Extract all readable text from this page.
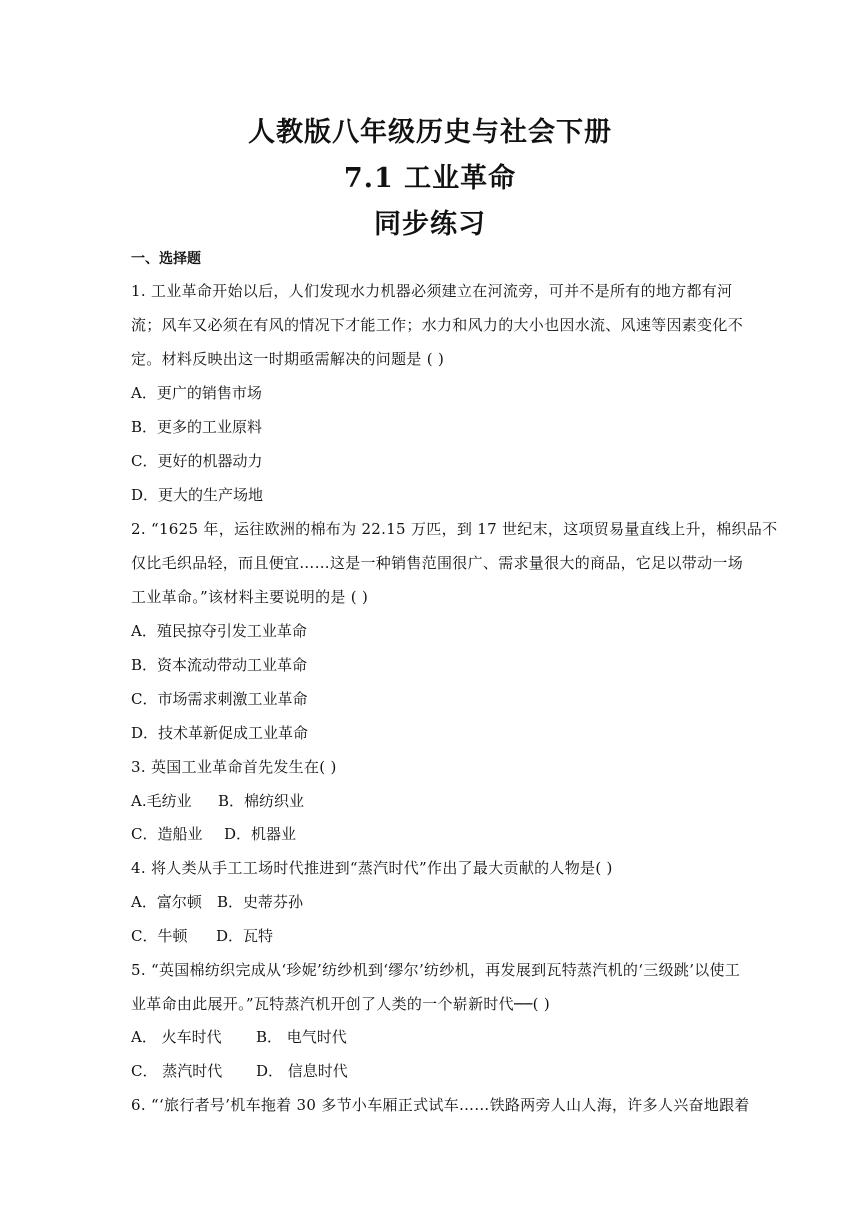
人教版八年级历史与社会下册
7.1 工业革命
同步练习
一、选择题
1. 工业革命开始以后，人们发现水力机器必须建立在河流旁，可并不是所有的地方都有河
流；风车又必须在有风的情况下才能工作；水力和风力的大小也因水流、风速等因素变化不
定。材料反映出这一时期亟需解决的问题是 ( )
A．更广的销售市场
B．更多的工业原料
C．更好的机器动力
D．更大的生产场地
2. “1625 年，运往欧洲的棉布为 22.15 万匹，到 17 世纪末，这项贸易量直线上升，棉织品不
仅比毛织品轻，而且便宜……这是一种销售范围很广、需求量很大的商品，它足以带动一场
工业革命。”该材料主要说明的是 ( )
A．殖民掠夺引发工业革命
B．资本流动带动工业革命
C．市场需求刺激工业革命
D．技术革新促成工业革命
3. 英国工业革命首先发生在( )
A.毛纺业 B．棉纺织业
C．造船业 D．机器业
4. 将人类从手工工场时代推进到“蒸汽时代”作出了最大贡献的人物是( )
A．富尔顿 B．史蒂芬孙
C．牛顿 D．瓦特
5. “英国棉纺织完成从‘珍妮’纺纱机到‘缪尔’纺纱机，再发展到瓦特蒸汽机的‘三级跳’以使工
业革命由此展开。”瓦特蒸汽机开创了人类的一个崭新时代──( )
A． 火车时代 B． 电气时代
C． 蒸汽时代 D． 信息时代
6. “‘旅行者号’机车拖着 30 多节小车厢正式试车……铁路两旁人山人海，许多人兴奋地跟着
